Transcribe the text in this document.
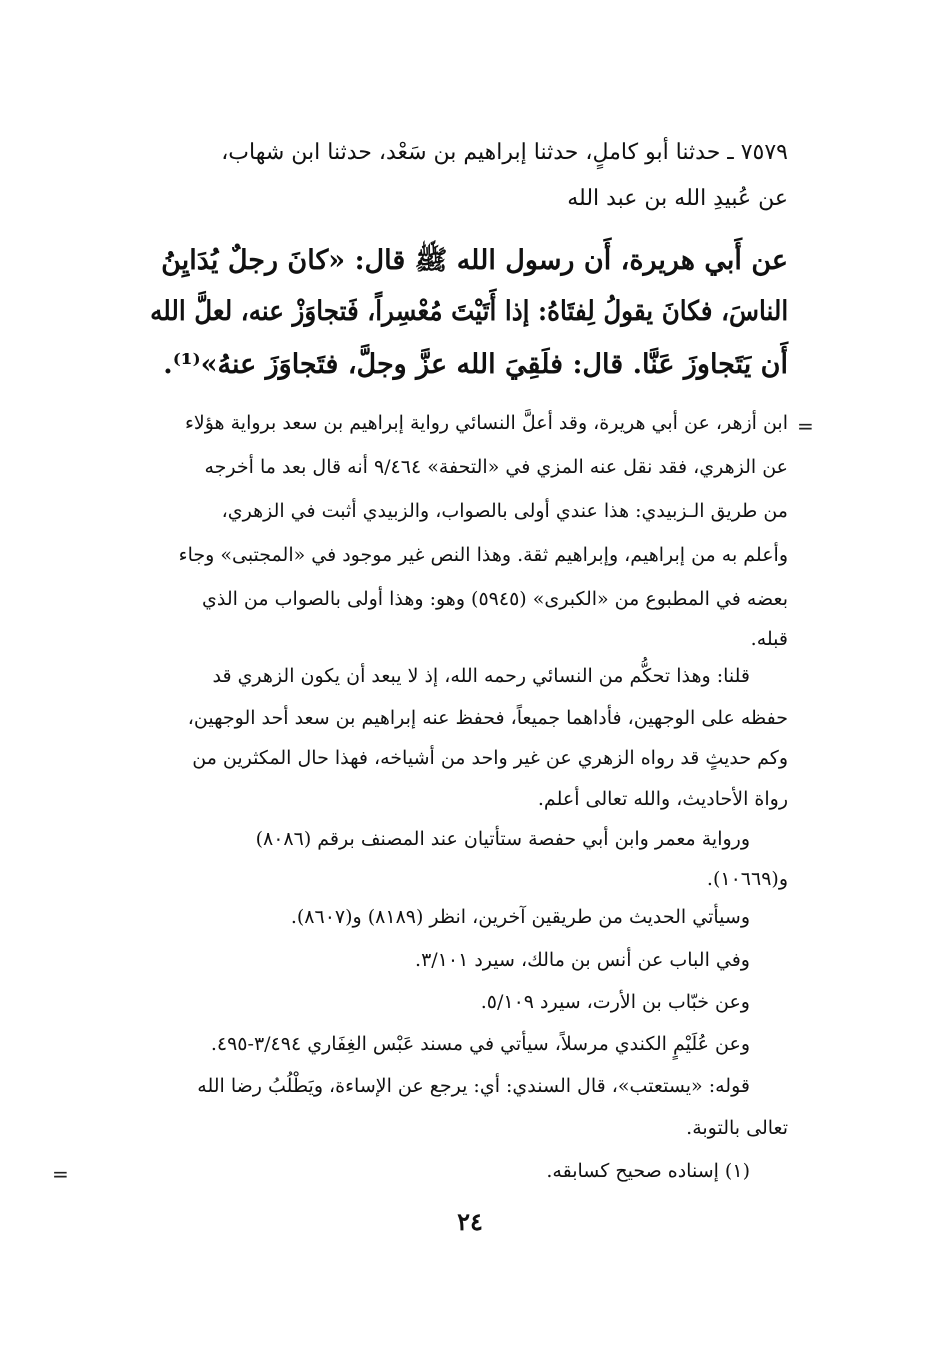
٧٥٧٩ ـ حدثنا أبو كاملٍ، حدثنا إبراهيم بن سَعْد، حدثنا ابن شهاب،
عن عُبيدِ الله بن عبد الله
عن أَبي هريرة، أَن رسول الله ﷺ قال: «كانَ رجلٌ يُدَايِنُ
الناسَ، فكانَ يقولُ لِفتَاهُ: إذا أَتَيْتَ مُعْسِراً، فَتجاوَزْ عنه، لعلَّ الله
أَن يَتَجاوزَ عَنَّا. قال: فلَقِيَ الله عزَّ وجلَّ، فتَجاوَزَ عنهُ»⁽¹⁾.
=
ابن أزهر، عن أبي هريرة، وقد أعلَّ النسائي رواية إبراهيم بن سعد برواية هؤلاء
عن الزهري، فقد نقل عنه المزي في «التحفة» ٩/٤٦٤ أنه قال بعد ما أخرجه
من طريق الـزبيدي: هذا عندي أولى بالصواب، والزبيدي أثبت في الزهري،
وأعلم به من إبراهيم، وإبراهيم ثقة. وهذا النص غير موجود في «المجتبى» وجاء
بعضه في المطبوع من «الكبرى» (٥٩٤٥) وهو: وهذا أولى بالصواب من الذي
قبله.
قلنا: وهذا تحكُّم من النسائي رحمه الله، إذ لا يبعد أن يكون الزهري قد
حفظه على الوجهين، فأداهما جميعاً، فحفظ عنه إبراهيم بن سعد أحد الوجهين،
وكم حديثٍ قد رواه الزهري عن غير واحد من أشياخه، فهذا حال المكثرين من
رواة الأحاديث، والله تعالى أعلم.
ورواية معمر وابن أبي حفصة ستأتيان عند المصنف برقم (٨٠٨٦)
و(١٠٦٦٩).
وسيأتي الحديث من طريقين آخرين، انظر (٨١٨٩) و(٨٦٠٧).
وفي الباب عن أنس بن مالك، سيرد ٣/١٠١.
وعن خبّاب بن الأرت، سيرد ٥/١٠٩.
وعن عُلَيْمٍ الكندي مرسلاً، سيأتي في مسند عَبْس الغِفَاري ٣/٤٩٤-٤٩٥.
قوله: «يستعتب»، قال السندي: أي: يرجع عن الإساءة، ويَطْلُبُ رضا الله
تعالى بالتوبة.
(١) إسناده صحيح كسابقه.
=
٢٤
